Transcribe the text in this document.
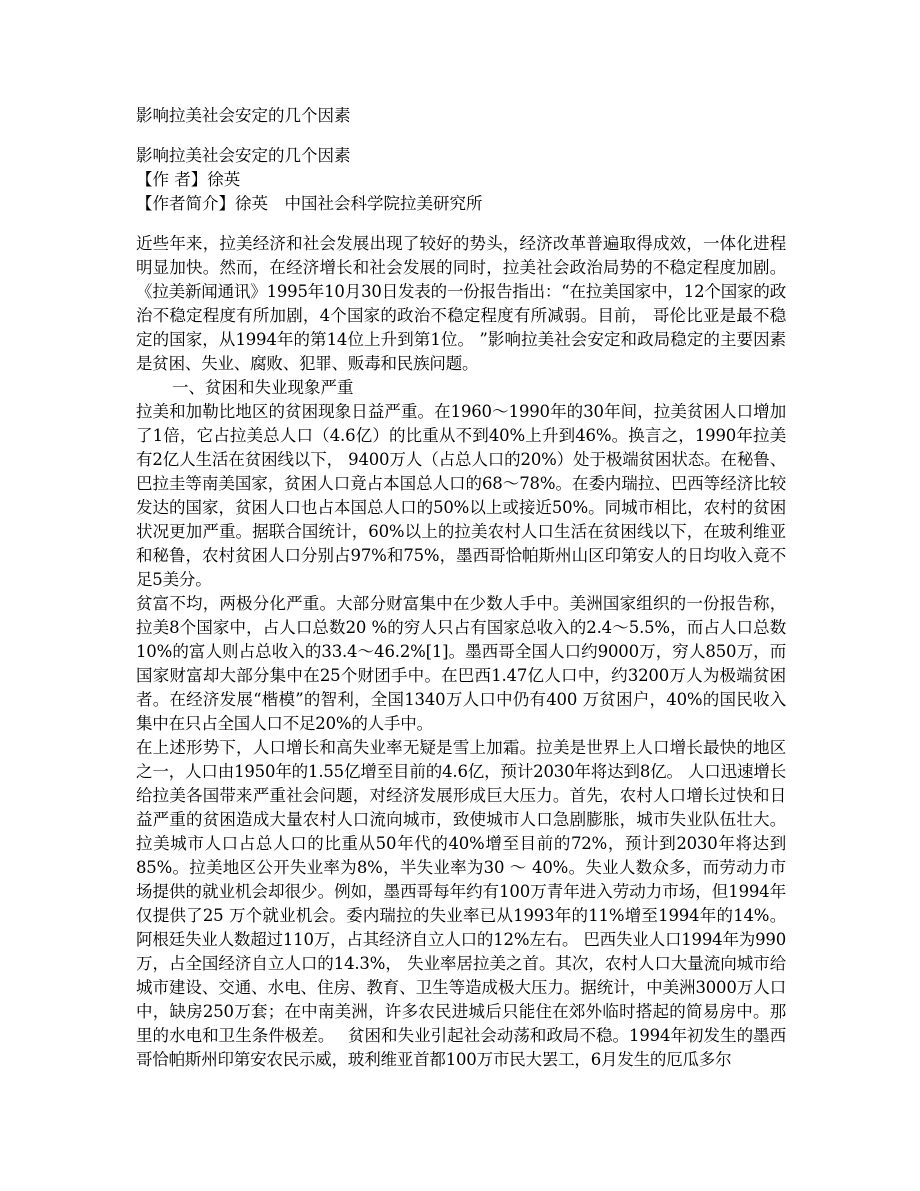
影响拉美社会安定的几个因素

影响拉美社会安定的几个因素

【作 者】徐英

【作者简介】徐英　中国社会科学院拉美研究所

近些年来，拉美经济和社会发展出现了较好的势头，经济改革普遍取得成效，一体化进程明显加快。然而，在经济增长和社会发展的同时，拉美社会政治局势的不稳定程度加剧。《拉美新闻通讯》1995年10月30日发表的一份报告指出：“在拉美国家中，12个国家的政治不稳定程度有所加剧，4个国家的政治不稳定程度有所减弱。目前， 哥伦比亚是最不稳定的国家，从1994年的第14位上升到第1位。 ”影响拉美社会安定和政局稳定的主要因素是贫困、失业、腐败、犯罪、贩毒和民族问题。

一、贫困和失业现象严重

拉美和加勒比地区的贫困现象日益严重。在1960～1990年的30年间，拉美贫困人口增加了1倍，它占拉美总人口（4.6亿）的比重从不到40%上升到46%。换言之，1990年拉美有2亿人生活在贫困线以下， 9400万人（占总人口的20%）处于极端贫困状态。在秘鲁、巴拉圭等南美国家，贫困人口竟占本国总人口的68～78%。在委内瑞拉、巴西等经济比较发达的国家，贫困人口也占本国总人口的50%以上或接近50%。同城市相比，农村的贫困状况更加严重。据联合国统计，60%以上的拉美农村人口生活在贫困线以下，在玻利维亚和秘鲁，农村贫困人口分别占97%和75%，墨西哥恰帕斯州山区印第安人的日均收入竟不足5美分。

贫富不均，两极分化严重。大部分财富集中在少数人手中。美洲国家组织的一份报告称，拉美8个国家中，占人口总数20 %的穷人只占有国家总收入的2.4～5.5%，而占人口总数10%的富人则占总收入的33.4～46.2%[1]。墨西哥全国人口约9000万，穷人850万，而国家财富却大部分集中在25个财团手中。在巴西1.47亿人口中，约3200万人为极端贫困者。在经济发展“楷模”的智利，全国1340万人口中仍有400 万贫困户，40%的国民收入集中在只占全国人口不足20%的人手中。

在上述形势下，人口增长和高失业率无疑是雪上加霜。拉美是世界上人口增长最快的地区之一，人口由1950年的1.55亿增至目前的4.6亿，预计2030年将达到8亿。 人口迅速增长给拉美各国带来严重社会问题，对经济发展形成巨大压力。首先，农村人口增长过快和日益严重的贫困造成大量农村人口流向城市，致使城市人口急剧膨胀，城市失业队伍壮大。拉美城市人口占总人口的比重从50年代的40%增至目前的72%，预计到2030年将达到85%。拉美地区公开失业率为8%，半失业率为30 ～ 40%。失业人数众多，而劳动力市场提供的就业机会却很少。例如，墨西哥每年约有100万青年进入劳动力市场，但1994年仅提供了25 万个就业机会。委内瑞拉的失业率已从1993年的11%增至1994年的14%。阿根廷失业人数超过110万，占其经济自立人口的12%左右。 巴西失业人口1994年为990万，占全国经济自立人口的14.3%， 失业率居拉美之首。其次，农村人口大量流向城市给城市建设、交通、水电、住房、教育、卫生等造成极大压力。据统计，中美洲3000万人口中，缺房250万套；在中南美洲，许多农民进城后只能住在郊外临时搭起的简易房中。那里的水电和卫生条件极差。　 贫困和失业引起社会动荡和政局不稳。1994年初发生的墨西哥恰帕斯州印第安农民示威，玻利维亚首都100万市民大罢工，6月发生的厄瓜多尔
